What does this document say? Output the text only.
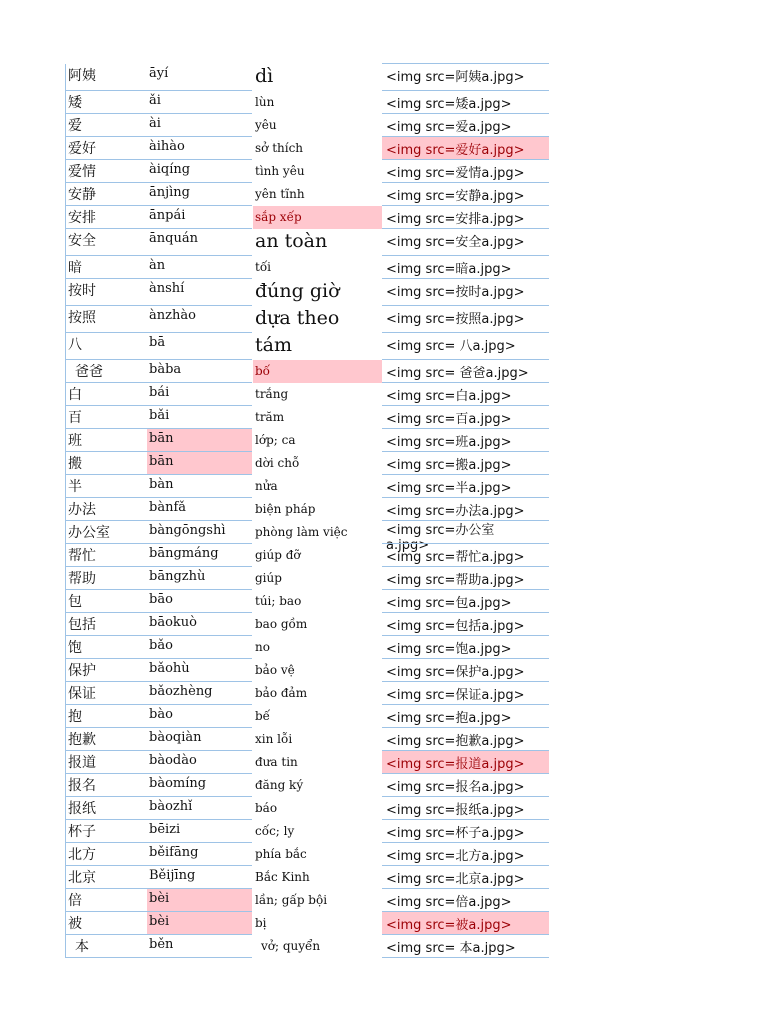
阿姨	āyí	dì	<img src=阿姨a.jpg>
矮	ǎi	lùn	<img src=矮a.jpg>
爱	ài	yêu	<img src=爱a.jpg>
爱好	àihào	sở thích	<img src=爱好a.jpg>
爱情	àiqíng	tình yêu	<img src=爱情a.jpg>
安静	ānjìng	yên tĩnh	<img src=安静a.jpg>
安排	ānpái	sắp xếp	<img src=安排a.jpg>
安全	ānquán	an toàn	<img src=安全a.jpg>
暗	àn	tối	<img src=暗a.jpg>
按时	ànshí	đúng giờ	<img src=按时a.jpg>
按照	ànzhào	dựa theo	<img src=按照a.jpg>
八	bā	tám	<img src= 八a.jpg>
爸爸	bàba	bố	<img src= 爸爸a.jpg>
白	bái	trắng	<img src=白a.jpg>
百	bǎi	trăm	<img src=百a.jpg>
班	bān	lớp; ca	<img src=班a.jpg>
搬	bān	dời chỗ	<img src=搬a.jpg>
半	bàn	nửa	<img src=半a.jpg>
办法	bànfǎ	biện pháp	<img src=办法a.jpg>
办公室	bàngōngshì	phòng làm việc	<img src=办公室a.jpg>
帮忙	bāngmáng	giúp đỡ	<img src=帮忙a.jpg>
帮助	bāngzhù	giúp	<img src=帮助a.jpg>
包	bāo	túi; bao	<img src=包a.jpg>
包括	bāokuò	bao gồm	<img src=包括a.jpg>
饱	bǎo	no	<img src=饱a.jpg>
保护	bǎohù	bảo vệ	<img src=保护a.jpg>
保证	bǎozhèng	bảo đảm	<img src=保证a.jpg>
抱	bào	bế	<img src=抱a.jpg>
抱歉	bàoqiàn	xin lỗi	<img src=抱歉a.jpg>
报道	bàodào	đưa tin	<img src=报道a.jpg>
报名	bàomíng	đăng ký	<img src=报名a.jpg>
报纸	bàozhǐ	báo	<img src=报纸a.jpg>
杯子	bēizi	cốc; ly	<img src=杯子a.jpg>
北方	běifāng	phía bắc	<img src=北方a.jpg>
北京	Běijīng	Bắc Kinh	<img src=北京a.jpg>
倍	bèi	lần; gấp bội	<img src=倍a.jpg>
被	bèi	bị	<img src=被a.jpg>
本	běn	vở; quyển	<img src= 本a.jpg>
